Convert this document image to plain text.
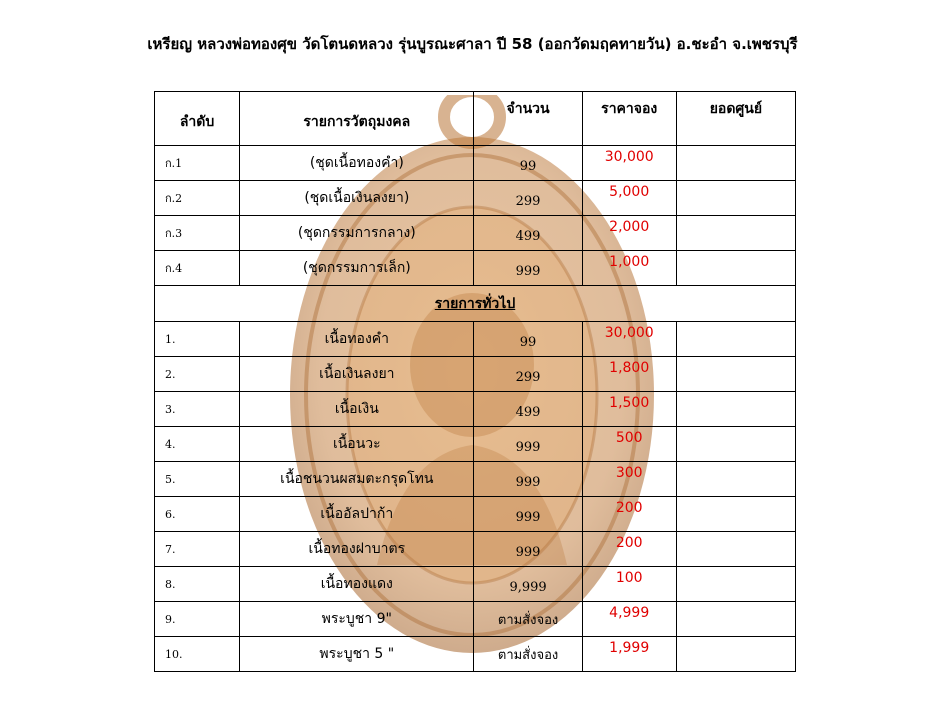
เหรียญ หลวงพ่อทองศุข วัดโตนดหลวง รุ่นบูรณะศาลา ปี 58 (ออกวัดมฤคทายวัน) อ.ชะอำ จ.เพชรบุรี
ลำดับ	รายการวัตถุมงคล	จำนวน	ราคาจอง	ยอดศูนย์
ก.1	(ชุดเนื้อทองคำ)	99	30,000	
ก.2	(ชุดเนื้อเงินลงยา)	299	5,000	
ก.3	(ชุดกรรมการกลาง)	499	2,000	
ก.4	(ชุดกรรมการเล็ก)	999	1,000	
รายการทั่วไป				
1.	เนื้อทองคำ	99	30,000	
2.	เนื้อเงินลงยา	299	1,800	
3.	เนื้อเงิน	499	1,500	
4.	เนื้อนวะ	999	500	
5.	เนื้อชนวนผสมตะกรุดโทน	999	300	
6.	เนื้ออัลปาก้า	999	200	
7.	เนื้อทองฝาบาตร	999	200	
8.	เนื้อทองแดง	9,999	100	
9.	พระบูชา 9"	ตามสั่งจอง	4,999	
10.	พระบูชา 5 "	ตามสั่งจอง	1,999	
